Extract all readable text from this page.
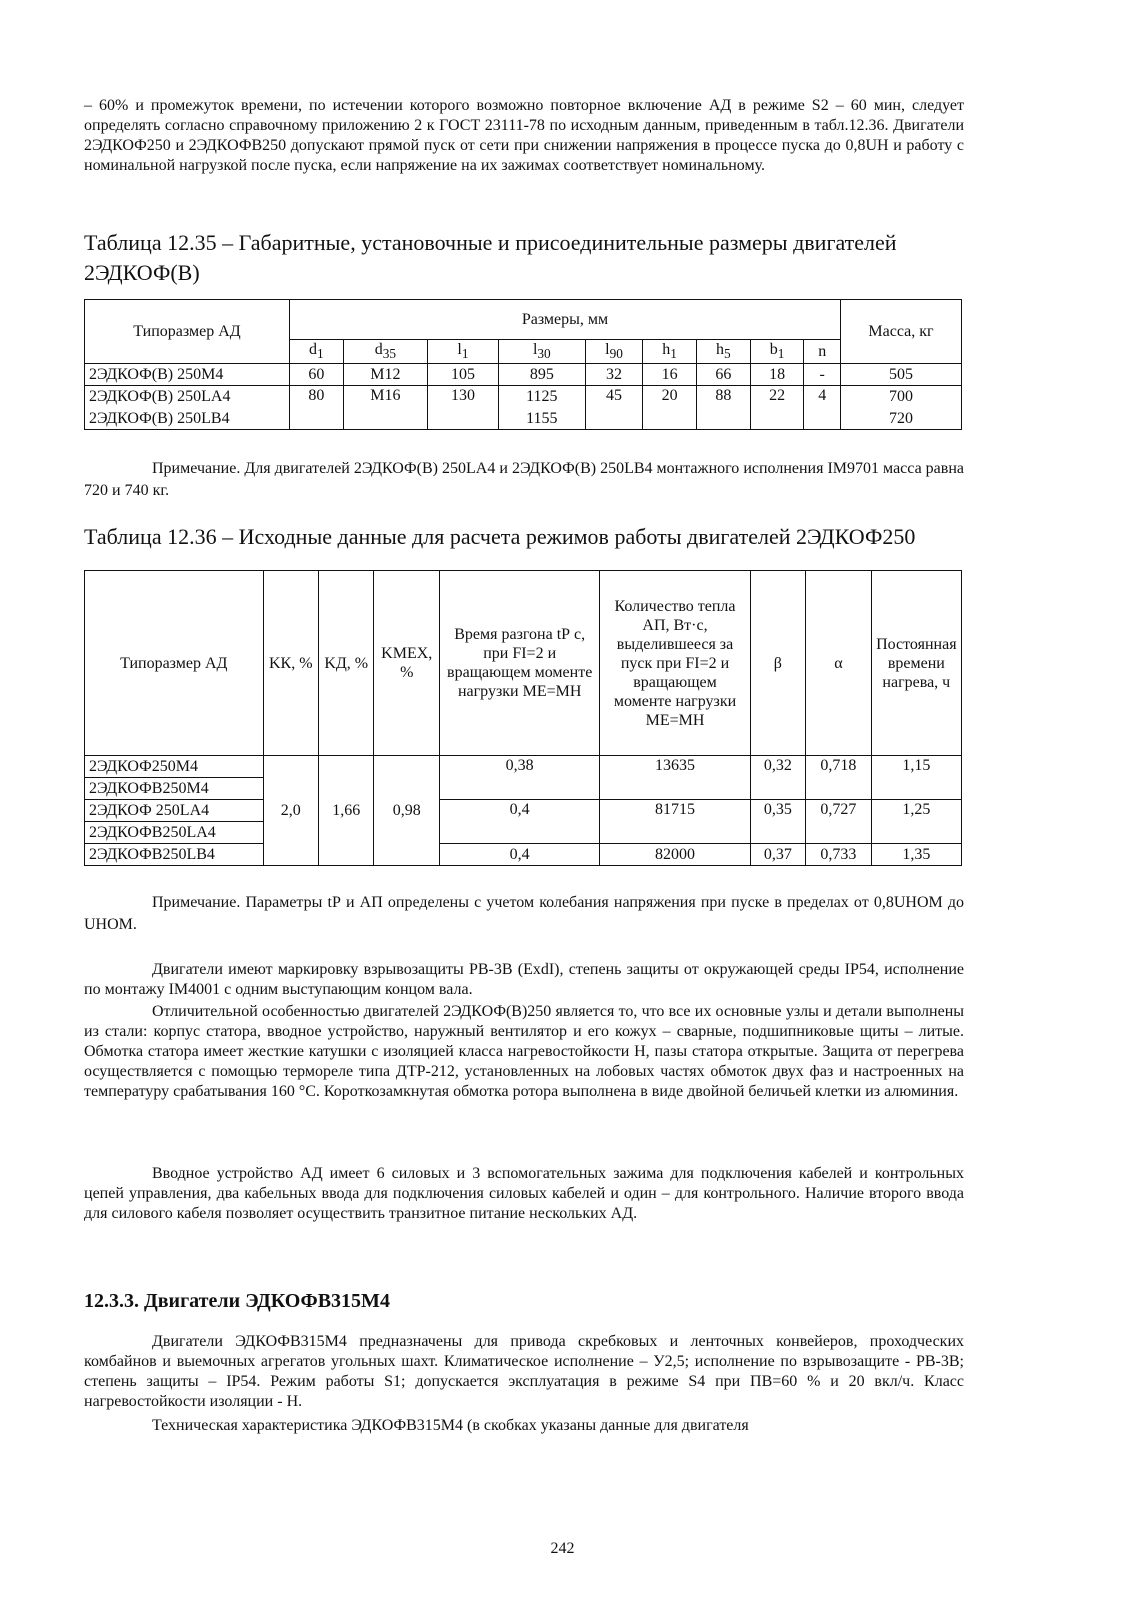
– 60% и промежуток времени, по истечении которого возможно повторное включение АД в режиме S2 – 60 мин, следует определять согласно справочному приложению 2 к ГОСТ 23111-78 по исходным данным, приведенным в табл.12.36. Двигатели 2ЭДКОФ250 и 2ЭДКОФВ250 допускают прямой пуск от сети при снижении напряжения в процессе пуска до 0,8UН и работу с номинальной нагрузкой после пуска, если напряжение на их зажимах соответствует номинальному.
Таблица 12.35 – Габаритные, установочные и присоединительные размеры двигателей 2ЭДКОФ(В)
Типоразмер АД	Размеры, мм									Масса, кг
	$d_1$	$d_{35}$	$l_1$	$l_{30}$	$l_{90}$	$h_1$	$h_5$	$b_1$	n	
2ЭДКОФ(В) 250М4	60	М12	105	895	32	16	66	18	-	505
2ЭДКОФ(В) 250LA4	80	М16	130	1125	45	20	88	22	4	700
2ЭДКОФ(В) 250LB4				1155						720
Примечание. Для двигателей 2ЭДКОФ(В) 250LA4 и 2ЭДКОФ(В) 250LB4 монтажного исполнения IМ9701 масса равна 720 и 740 кг.
Таблица 12.36 – Исходные данные для расчета режимов работы двигателей 2ЭДКОФ250
Типоразмер АД	KК, %	KД, %	KМЕХ, %	Время разгона tР с, при FI=2 и вращающем моменте нагрузки МЕ=МН	Количество тепла АП, Вт·с, выделившееся за пуск при FI=2 и вращающем моменте нагрузки МЕ=МН	β	α	Постоянная времени нагрева, ч
2ЭДКОФ250М4	2,0	1,66	0,98	0,38	13635	0,32	0,718	1,15
2ЭДКОФВ250М4								
2ЭДКОФ 250LA4				0,4	81715	0,35	0,727	1,25
2ЭДКОФВ250LA4								
2ЭДКОФВ250LB4				0,4	82000	0,37	0,733	1,35
Примечание. Параметры tР и АП определены с учетом колебания напряжения при пуске в пределах от 0,8UНОМ до UНОМ.
Двигатели имеют маркировку взрывозащиты РВ-3В (ExdI), степень защиты от окружающей среды IP54, исполнение по монтажу IM4001 с одним выступающим концом вала.
Отличительной особенностью двигателей 2ЭДКОФ(В)250 является то, что все их основные узлы и детали выполнены из стали: корпус статора, вводное устройство, наружный вентилятор и его кожух – сварные, подшипниковые щиты – литые. Обмотка статора имеет жесткие катушки с изоляцией класса нагревостойкости H, пазы статора открытые. Защита от перегрева осуществляется с помощью термореле типа ДТР-212, установленных на лобовых частях обмоток двух фаз и настроенных на температуру срабатывания 160 °С. Короткозамкнутая обмотка ротора выполнена в виде двойной беличьей клетки из алюминия.
Вводное устройство АД имеет 6 силовых и 3 вспомогательных зажима для подключения кабелей и контрольных цепей управления, два кабельных ввода для подключения силовых кабелей и один – для контрольного. Наличие второго ввода для силового кабеля позволяет осуществить транзитное питание нескольких АД.
12.3.3. Двигатели ЭДКОФВ315М4
Двигатели ЭДКОФВ315М4 предназначены для привода скребковых и ленточных конвейеров, проходческих комбайнов и выемочных агрегатов угольных шахт. Климатическое исполнение – У2,5; исполнение по взрывозащите - РВ-3В; степень защиты – IP54. Режим работы S1; допускается эксплуатация в режиме S4 при ПВ=60 % и 20 вкл/ч. Класс нагревостойкости изоляции - Н.
Техническая характеристика ЭДКОФВ315М4 (в скобках указаны данные для двигателя
242
